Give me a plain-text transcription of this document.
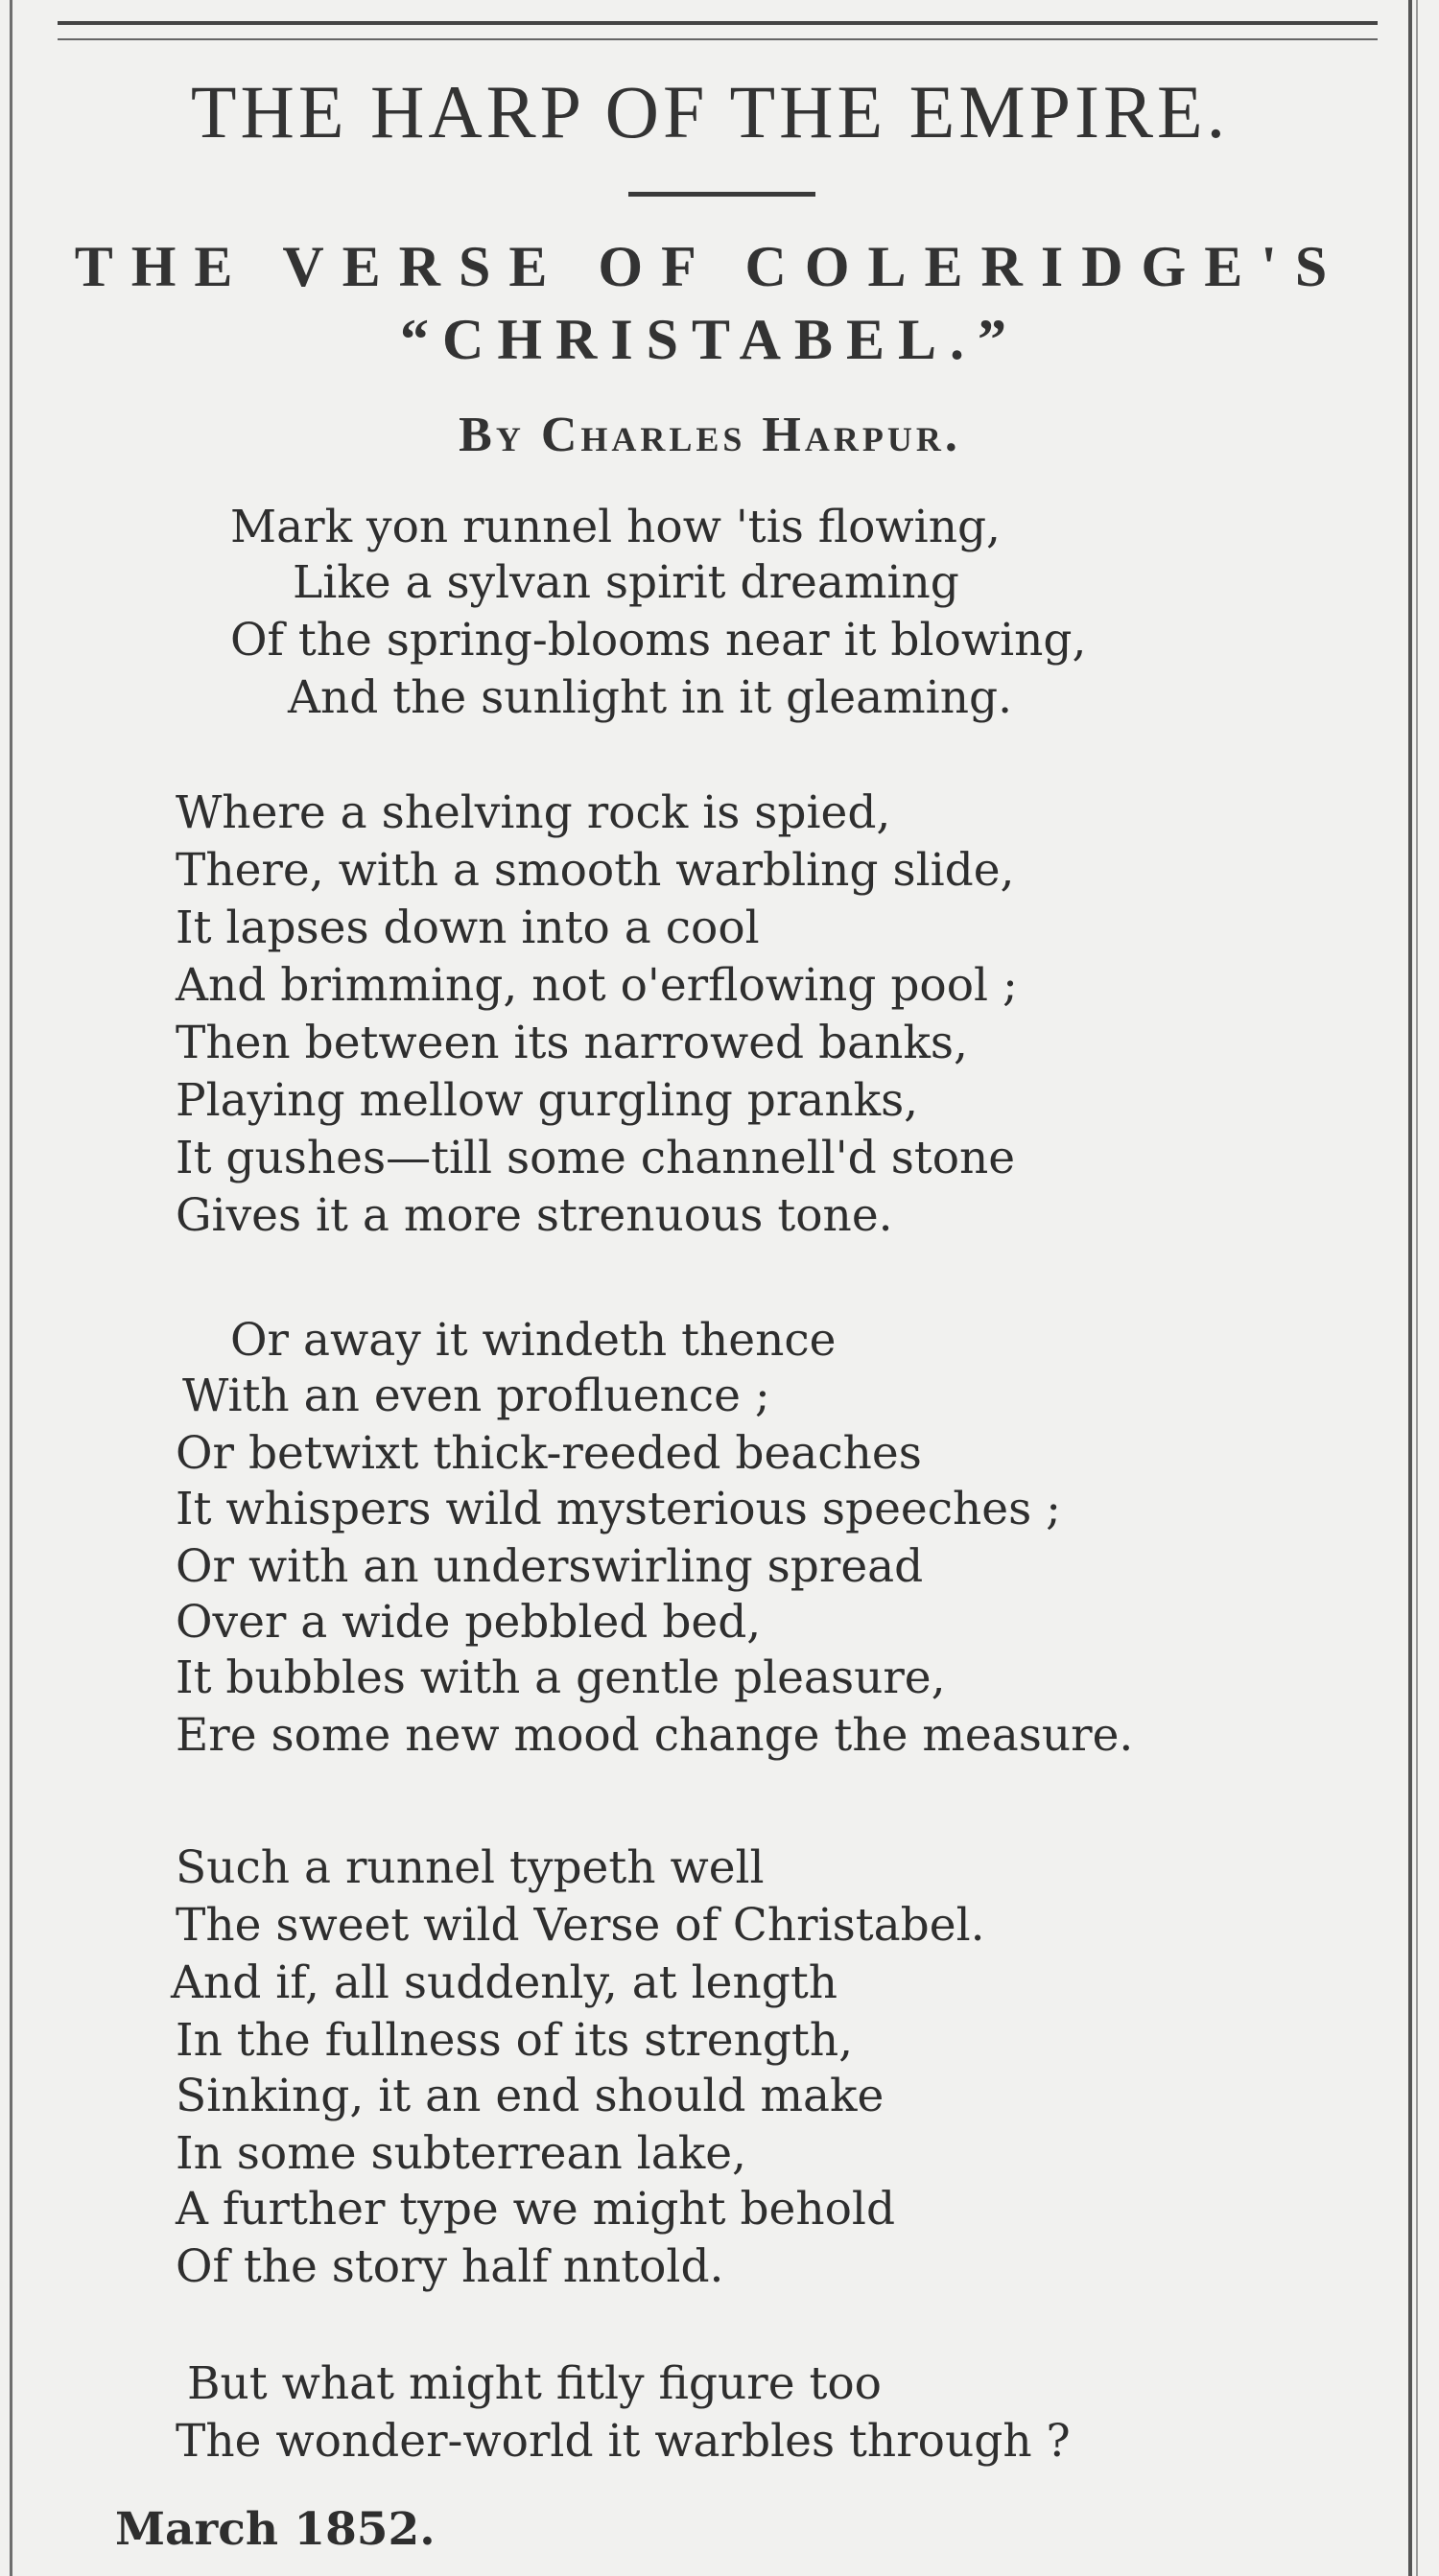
THE HARP OF THE EMPIRE.
THE VERSE OF COLERIDGE'S
“CHRISTABEL.”
By Charles Harpur.
Mark yon runnel how 'tis flowing,
Like a sylvan spirit dreaming
Of the spring-blooms near it blowing,
And the sunlight in it gleaming.
Where a shelving rock is spied,
There, with a smooth warbling slide,
It lapses down into a cool
And brimming, not o'erflowing pool ;
Then between its narrowed banks,
Playing mellow gurgling pranks,
It gushes—till some channell'd stone
Gives it a more strenuous tone.
Or away it windeth thence
With an even profluence ;
Or betwixt thick-reeded beaches
It whispers wild mysterious speeches ;
Or with an underswirling spread
Over a wide pebbled bed,
It bubbles with a gentle pleasure,
Ere some new mood change the measure.
Such a runnel typeth well
The sweet wild Verse of Christabel.
And if, all suddenly, at length
In the fullness of its strength,
Sinking, it an end should make
In some subterrean lake,
A further type we might behold
Of the story half nntold.
But what might fitly figure too
The wonder-world it warbles through ?
March 1852.
